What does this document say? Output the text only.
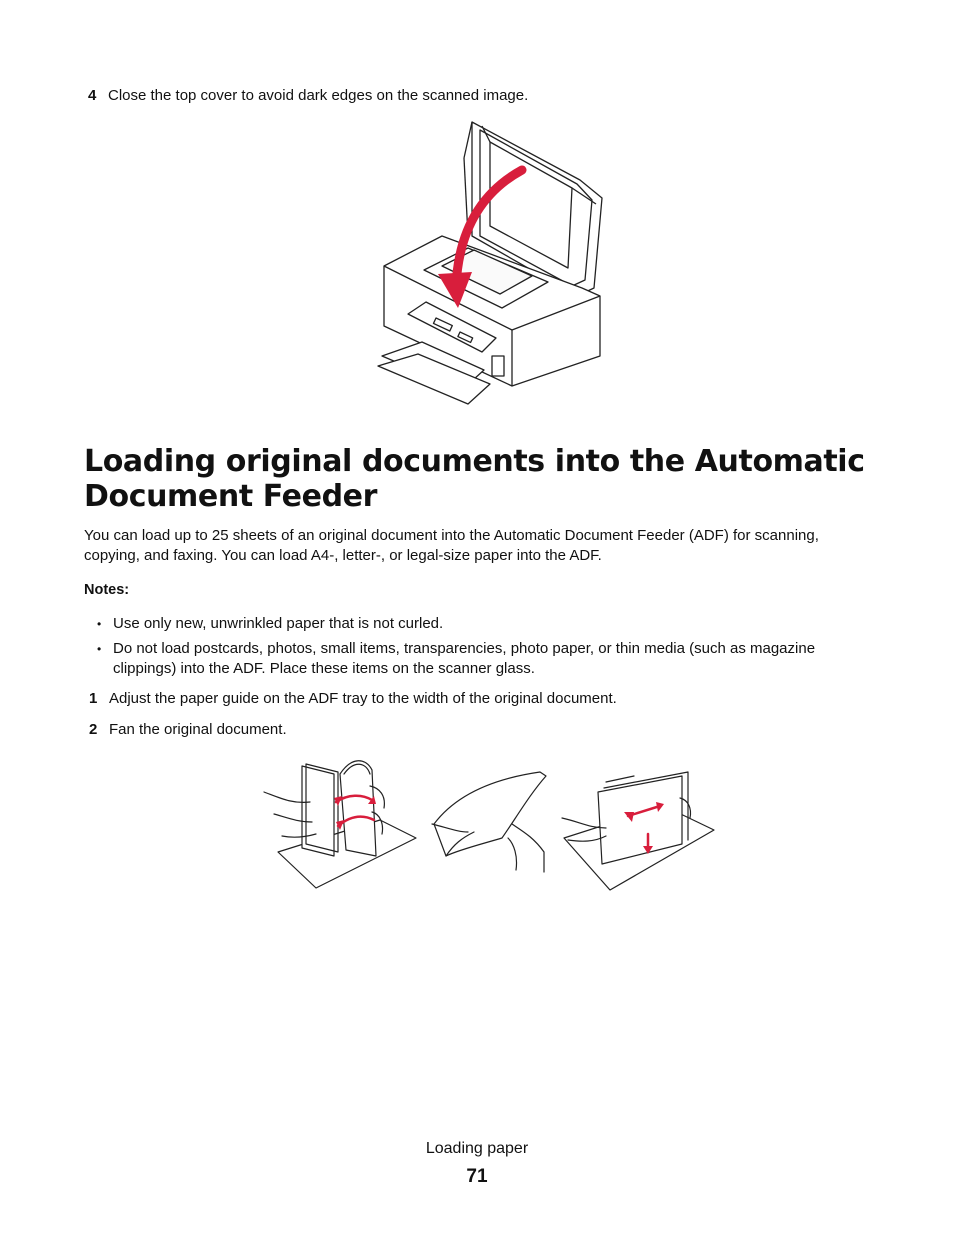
4 Close the top cover to avoid dark edges on the scanned image.
Loading original documents into the Automatic
Document Feeder
You can load up to 25 sheets of an original document into the Automatic Document Feeder (ADF) for scanning,
copying, and faxing. You can load A4-, letter-, or legal-size paper into the ADF.
Notes:
• Use only new, unwrinkled paper that is not curled.
• Do not load postcards, photos, small items, transparencies, photo paper, or thin media (such as magazine
clippings) into the ADF. Place these items on the scanner glass.
1 Adjust the paper guide on the ADF tray to the width of the original document.
2 Fan the original document.
Loading paper
71
